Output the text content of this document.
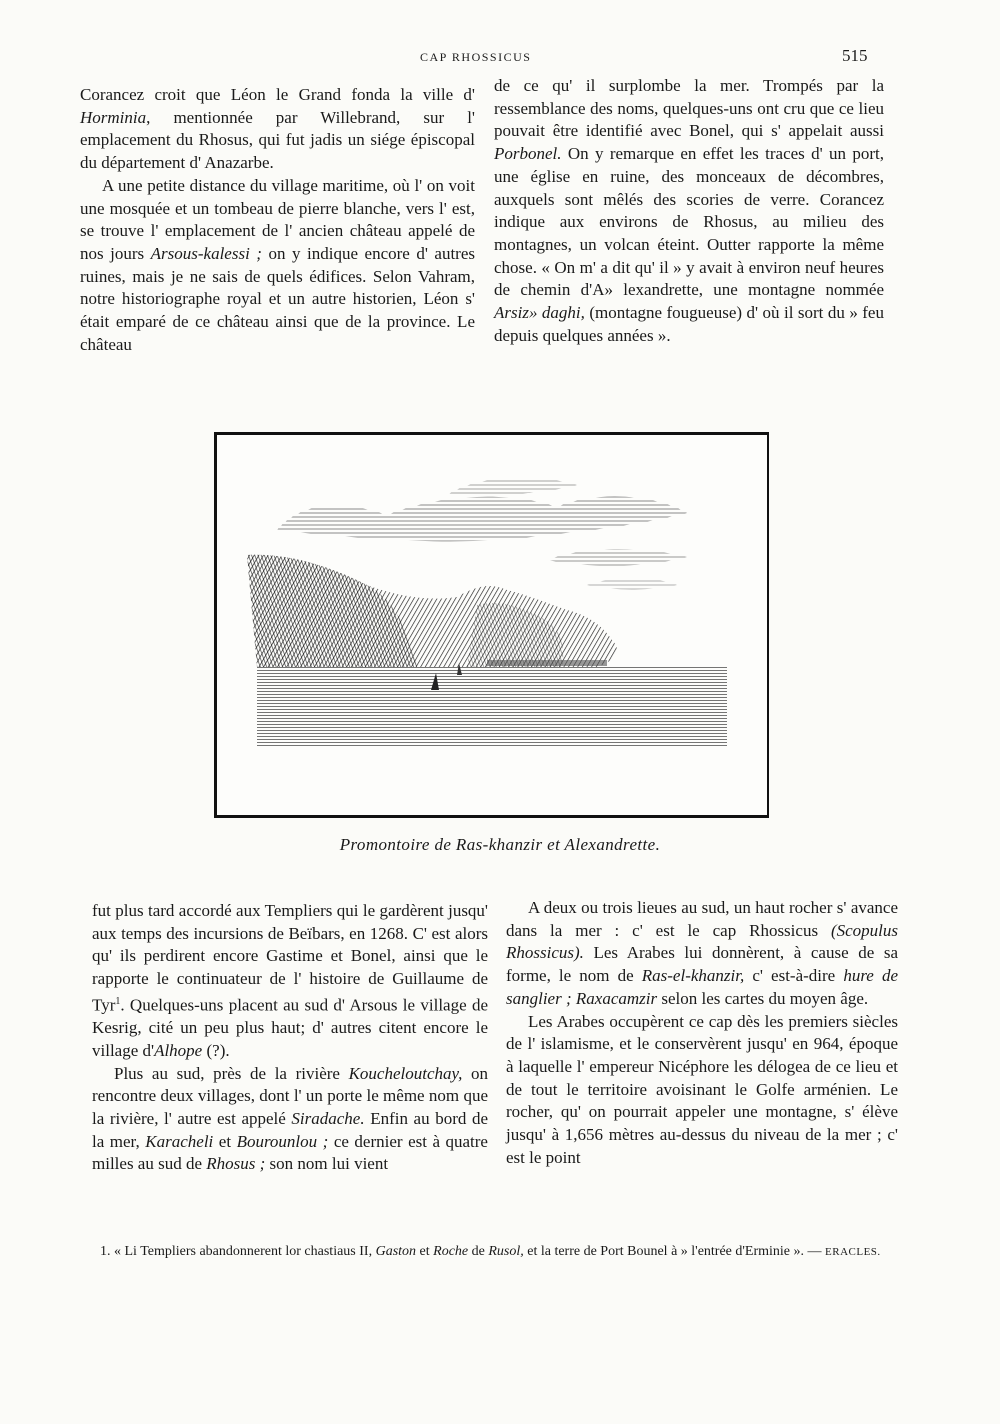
CAP RHOSSICUS	515

Corancez croit que Léon le Grand fonda la ville d' Horminia, mentionnée par Willebrand, sur l' emplacement du Rhosus, qui fut jadis un siége épiscopal du département d' Anazarbe.

A une petite distance du village maritime, où l' on voit une mosquée et un tombeau de pierre blanche, vers l' est, se trouve l' emplacement de l' ancien château appelé de nos jours Arsous-kalessi ; on y indique encore d' autres ruines, mais je ne sais de quels édifices. Selon Vahram, notre historiographe royal et un autre historien, Léon s' était emparé de ce château ainsi que de la province. Le château

de ce qu' il surplombe la mer. Trompés par la ressemblance des noms, quelques-uns ont cru que ce lieu pouvait être identifié avec Bonel, qui s' appelait aussi Porbonel. On y remarque en effet les traces d' un port, une église en ruine, des monceaux de décombres, auxquels sont mêlés des scories de verre. Corancez indique aux environs de Rhosus, au milieu des montagnes, un volcan éteint. Outter rapporte la même chose. « On m' a dit qu' il » y avait à environ neuf heures de chemin d'A» lexandrette, une montagne nommée Arsiz» daghi, (montagne fougueuse) d' où il sort du » feu depuis quelques années ».

Promontoire de Ras-khanzir et Alexandrette.

fut plus tard accordé aux Templiers qui le gardèrent jusqu' aux temps des incursions de Beïbars, en 1268. C' est alors qu' ils perdirent encore Gastime et Bonel, ainsi que le rapporte le continuateur de l' histoire de Guillaume de Tyr$^1$. Quelques-uns placent au sud d' Arsous le village de Kesrig, cité un peu plus haut; d' autres citent encore le village d'Alhope (?).

Plus au sud, près de la rivière Koucheloutchay, on rencontre deux villages, dont l' un porte le même nom que la rivière, l' autre est appelé Siradache. Enfin au bord de la mer, Karacheli et Bourounlou ; ce dernier est à quatre milles au sud de Rhosus ; son nom lui vient

A deux ou trois lieues au sud, un haut rocher s' avance dans la mer : c' est le cap Rhossicus (Scopulus Rhossicus). Les Arabes lui donnèrent, à cause de sa forme, le nom de Ras-el-khanzir, c' est-à-dire hure de sanglier ; Raxacamzir selon les cartes du moyen âge.

Les Arabes occupèrent ce cap dès les premiers siècles de l' islamisme, et le conservèrent jusqu' en 964, époque à laquelle l' empereur Nicéphore les délogea de ce lieu et de tout le territoire avoisinant le Golfe arménien. Le rocher, qu' on pourrait appeler une montagne, s' élève jusqu' à 1,656 mètres au-dessus du niveau de la mer ; c' est le point

1. « Li Templiers abandonnerent lor chastiaus II, Gaston et Roche de Rusol, et la terre de Port Bounel à » l'entrée d'Erminie ». — ERACLES.
